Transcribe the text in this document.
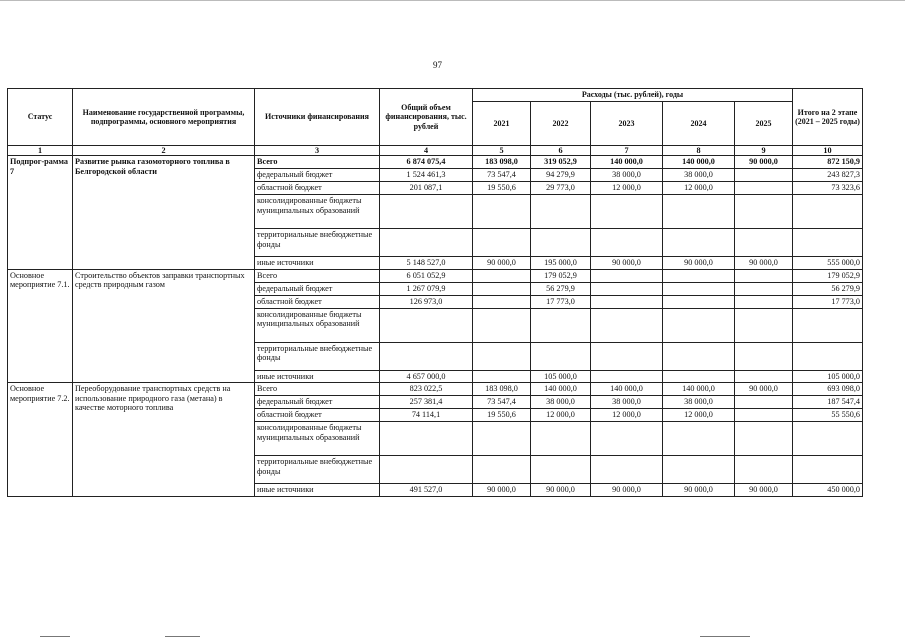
97
Статус	Наименование государственной программы, подпрограммы, основного мероприятия	Источники финансирования	Общий объем финансирования, тыс. рублей	Расходы (тыс. рублей), годы					Итого на 2 этапе (2021 – 2025 годы)
				2021	2022	2023	2024	2025	
1	2	3	4	5	6	7	8	9	10
Подпрог-рамма 7	Развитие рынка газомоторного топлива в Белгородской области	Всего	6 874 075,4	183 098,0	319 052,9	140 000,0	140 000,0	90 000,0	872 150,9
		федеральный бюджет	1 524 461,3	73 547,4	94 279,9	38 000,0	38 000,0		243 827,3
		областной бюджет	201 087,1	19 550,6	29 773,0	12 000,0	12 000,0		73 323,6
		консолидированные бюджеты муниципальных образований							
		территориальные внебюджетные фонды							
		иные источники	5 148 527,0	90 000,0	195 000,0	90 000,0	90 000,0	90 000,0	555 000,0
Основное мероприятие 7.1.	Строительство объектов заправки транспортных средств природным газом	Всего	6 051 052,9		179 052,9				179 052,9
		федеральный бюджет	1 267 079,9		56 279,9				56 279,9
		областной бюджет	126 973,0		17 773,0				17 773,0
		консолидированные бюджеты муниципальных образований							
		территориальные внебюджетные фонды							
		иные источники	4 657 000,0		105 000,0				105 000,0
Основное мероприятие 7.2.	Переоборудование транспортных средств на использование природного газа (метана) в качестве моторного топлива	Всего	823 022,5	183 098,0	140 000,0	140 000,0	140 000,0	90 000,0	693 098,0
		федеральный бюджет	257 381,4	73 547,4	38 000,0	38 000,0	38 000,0		187 547,4
		областной бюджет	74 114,1	19 550,6	12 000,0	12 000,0	12 000,0		55 550,6
		консолидированные бюджеты муниципальных образований							
		территориальные внебюджетные фонды							
		иные источники	491 527,0	90 000,0	90 000,0	90 000,0	90 000,0	90 000,0	450 000,0
